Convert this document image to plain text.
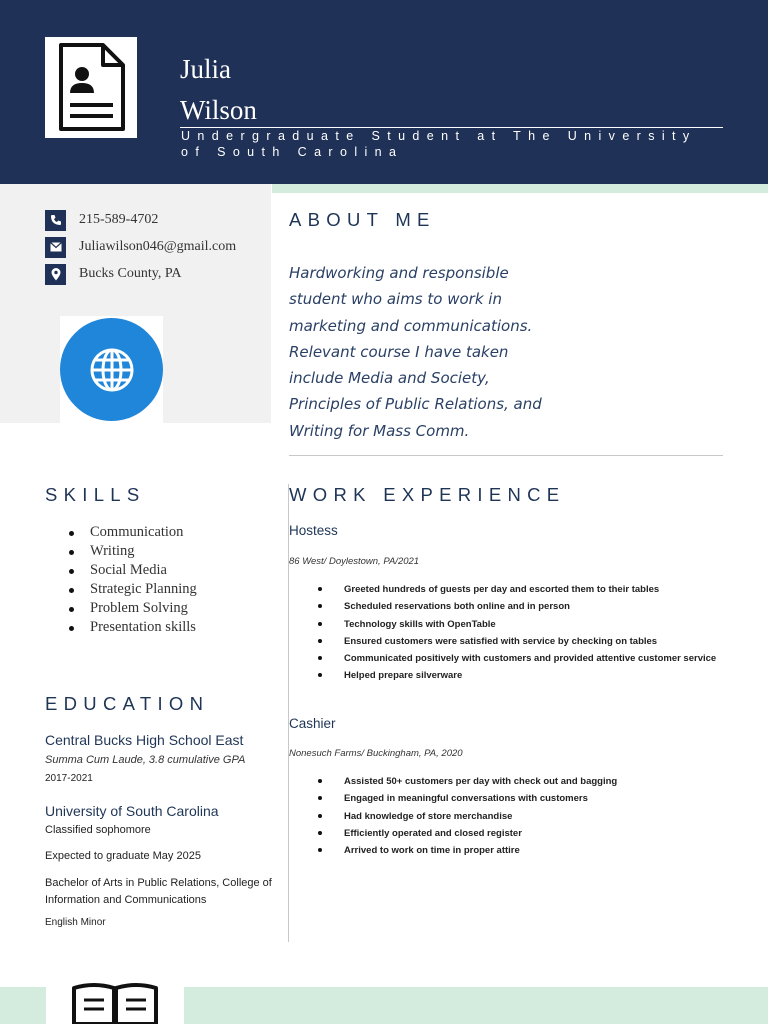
Julia
Wilson
Undergraduate Student at The University of South Carolina
215-589-4702
Juliawilson046@gmail.com
Bucks County, PA
ABOUT ME
Hardworking and responsible student who aims to work in marketing and communications. Relevant course I have taken include Media and Society, Principles of Public Relations, and Writing for Mass Comm.
SKILLS
Communication
Writing
Social Media
Strategic Planning
Problem Solving
Presentation skills
EDUCATION
Central Bucks High School East
Summa Cum Laude, 3.8 cumulative GPA
2017-2021
University of South Carolina
Classified sophomore
Expected to graduate May 2025
Bachelor of Arts in Public Relations, College of Information and Communications
English Minor
WORK EXPERIENCE
Hostess
86 West/ Doylestown, PA/2021
Greeted hundreds of guests per day and escorted them to their tables
Scheduled reservations both online and in person
Technology skills with OpenTable
Ensured customers were satisfied with service by checking on tables
Communicated positively with customers and provided attentive customer service
Helped prepare silverware
Cashier
Nonesuch Farms/ Buckingham, PA, 2020
Assisted 50+ customers per day with check out and bagging
Engaged in meaningful conversations with customers
Had knowledge of store merchandise
Efficiently operated and closed register
Arrived to work on time in proper attire
